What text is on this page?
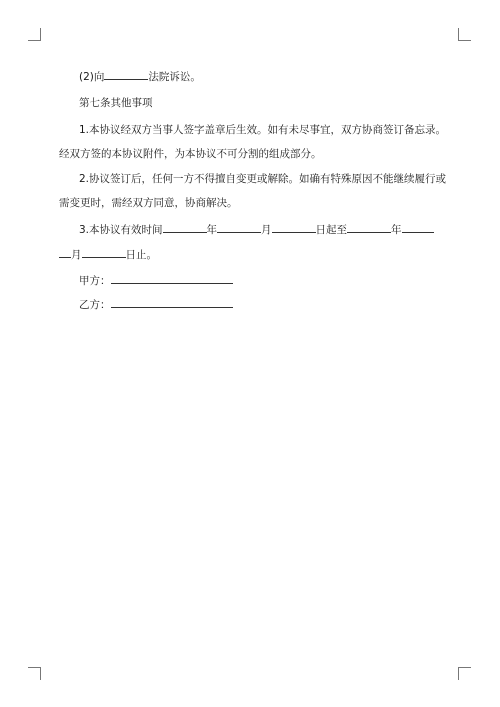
(2)向	法院诉讼。
第七条其他事项
1.本协议经双方当事人签字盖章后生效。如有未尽事宜，双方协商签订备忘录。
经双方签的本协议附件，为本协议不可分割的组成部分。
2.协议签订后，任何一方不得擅自变更或解除。如确有特殊原因不能继续履行或
需变更时，需经双方同意，协商解决。
3.本协议有效时间	年	月	日起至	年
月	日止。
甲方：
乙方：
